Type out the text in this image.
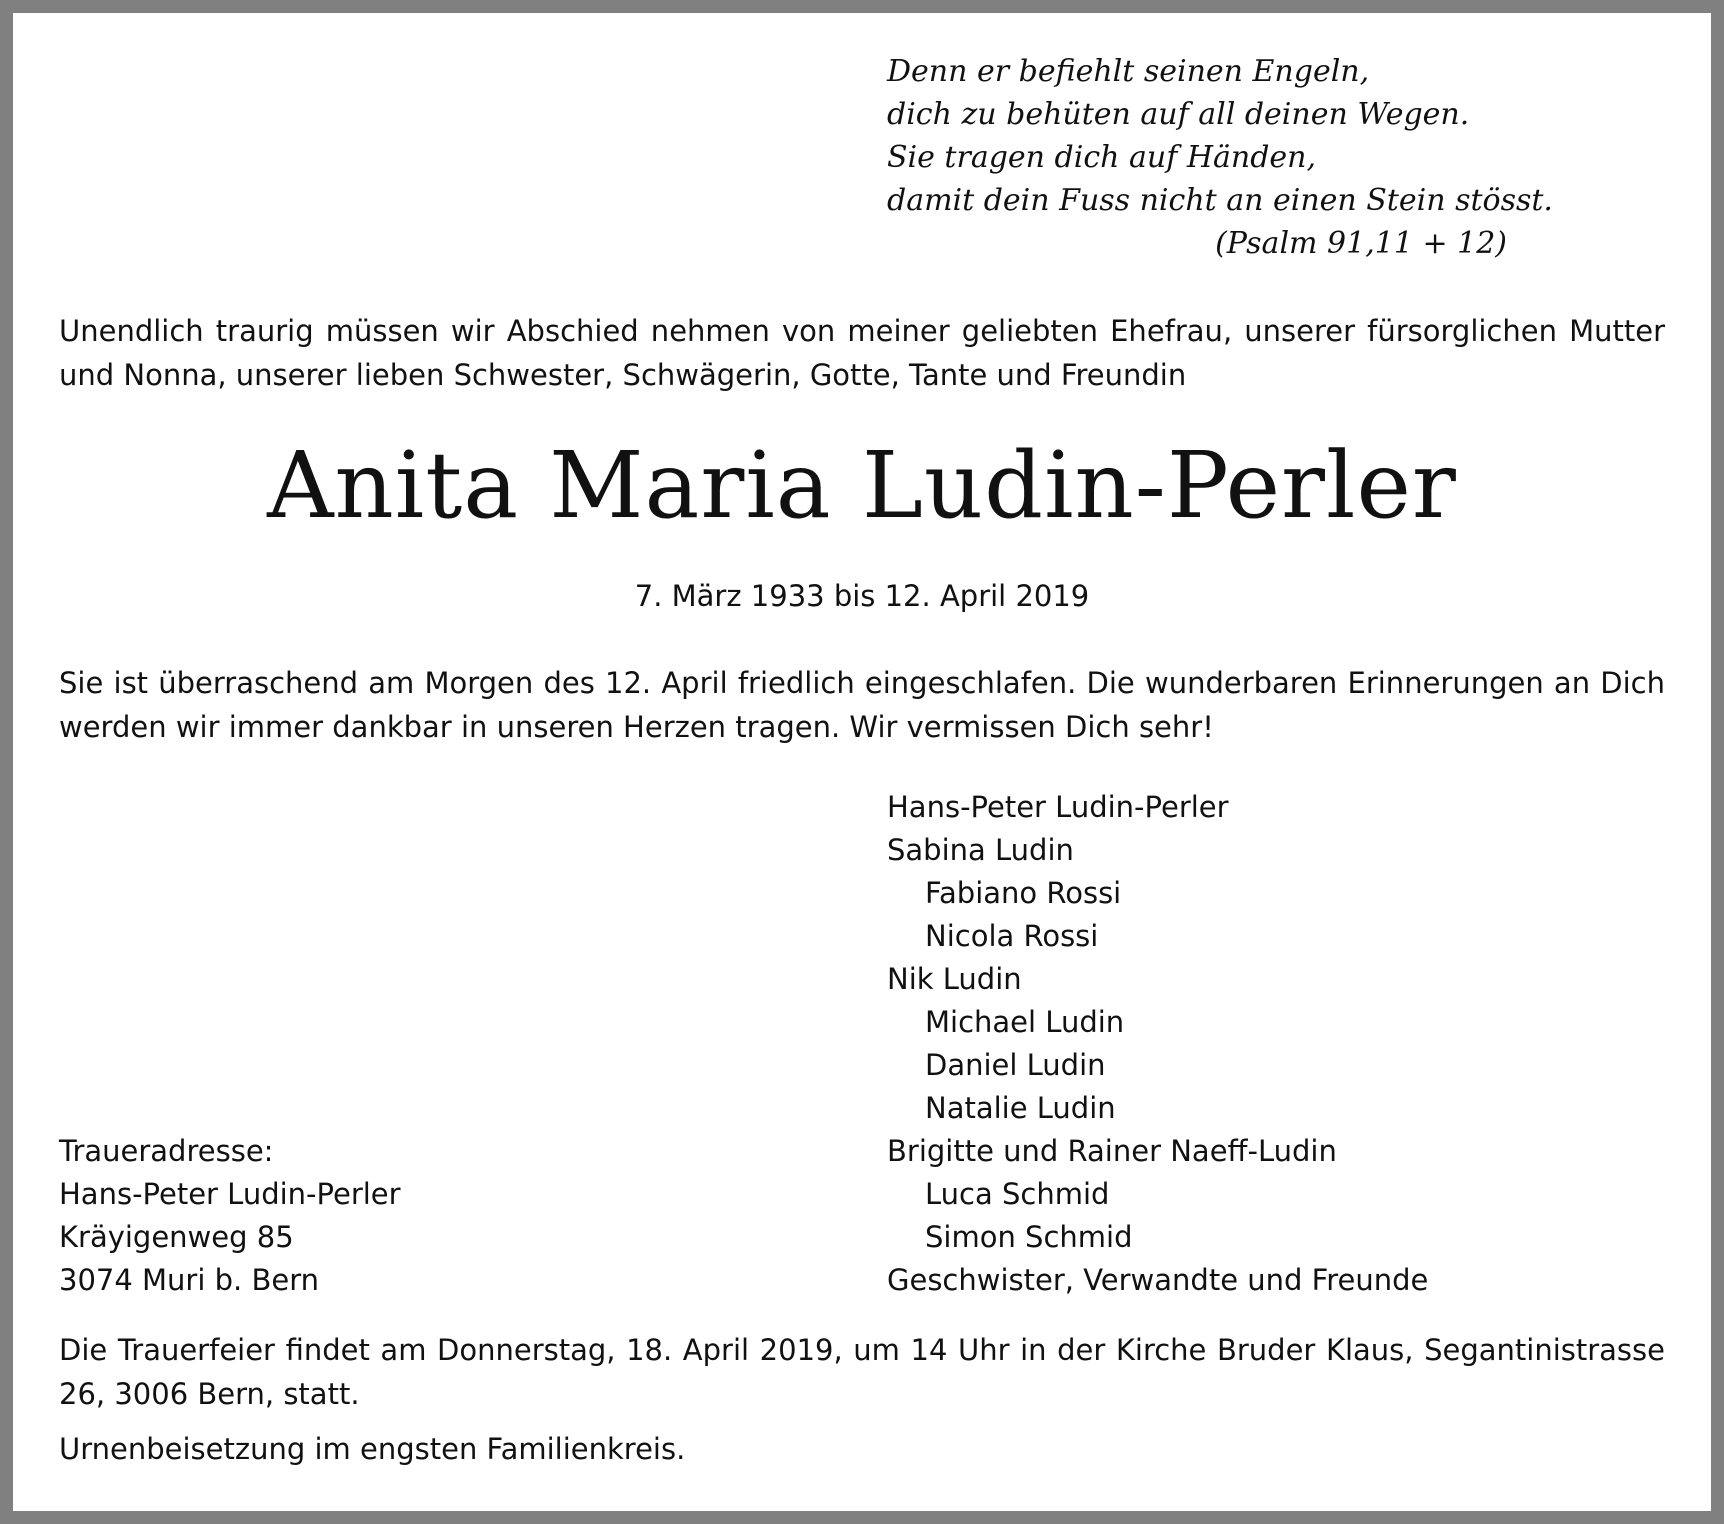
Denn er befiehlt seinen Engeln,
dich zu behüten auf all deinen Wegen.
Sie tragen dich auf Händen,
damit dein Fuss nicht an einen Stein stösst.
(Psalm 91,11 + 12)
Unendlich traurig müssen wir Abschied nehmen von meiner geliebten Ehefrau, unserer fürsorglichen Mutter und Nonna, unserer lieben Schwester, Schwägerin, Gotte, Tante und Freundin
Anita Maria Ludin-Perler
7. März 1933 bis 12. April 2019
Sie ist überraschend am Morgen des 12. April friedlich eingeschlafen. Die wunderbaren Erinnerungen an Dich werden wir immer dankbar in unseren Herzen tragen. Wir vermissen Dich sehr!
Hans-Peter Ludin-Perler
Sabina Ludin
Fabiano Rossi
Nicola Rossi
Nik Ludin
Michael Ludin
Daniel Ludin
Natalie Ludin
Brigitte und Rainer Naeff-Ludin
Luca Schmid
Simon Schmid
Geschwister, Verwandte und Freunde
Traueradresse:
Hans-Peter Ludin-Perler
Kräyigenweg 85
3074 Muri b. Bern
Die Trauerfeier findet am Donnerstag, 18. April 2019, um 14 Uhr in der Kirche Bruder Klaus, Segantinistrasse 26, 3006 Bern, statt.
Urnenbeisetzung im engsten Familienkreis.
